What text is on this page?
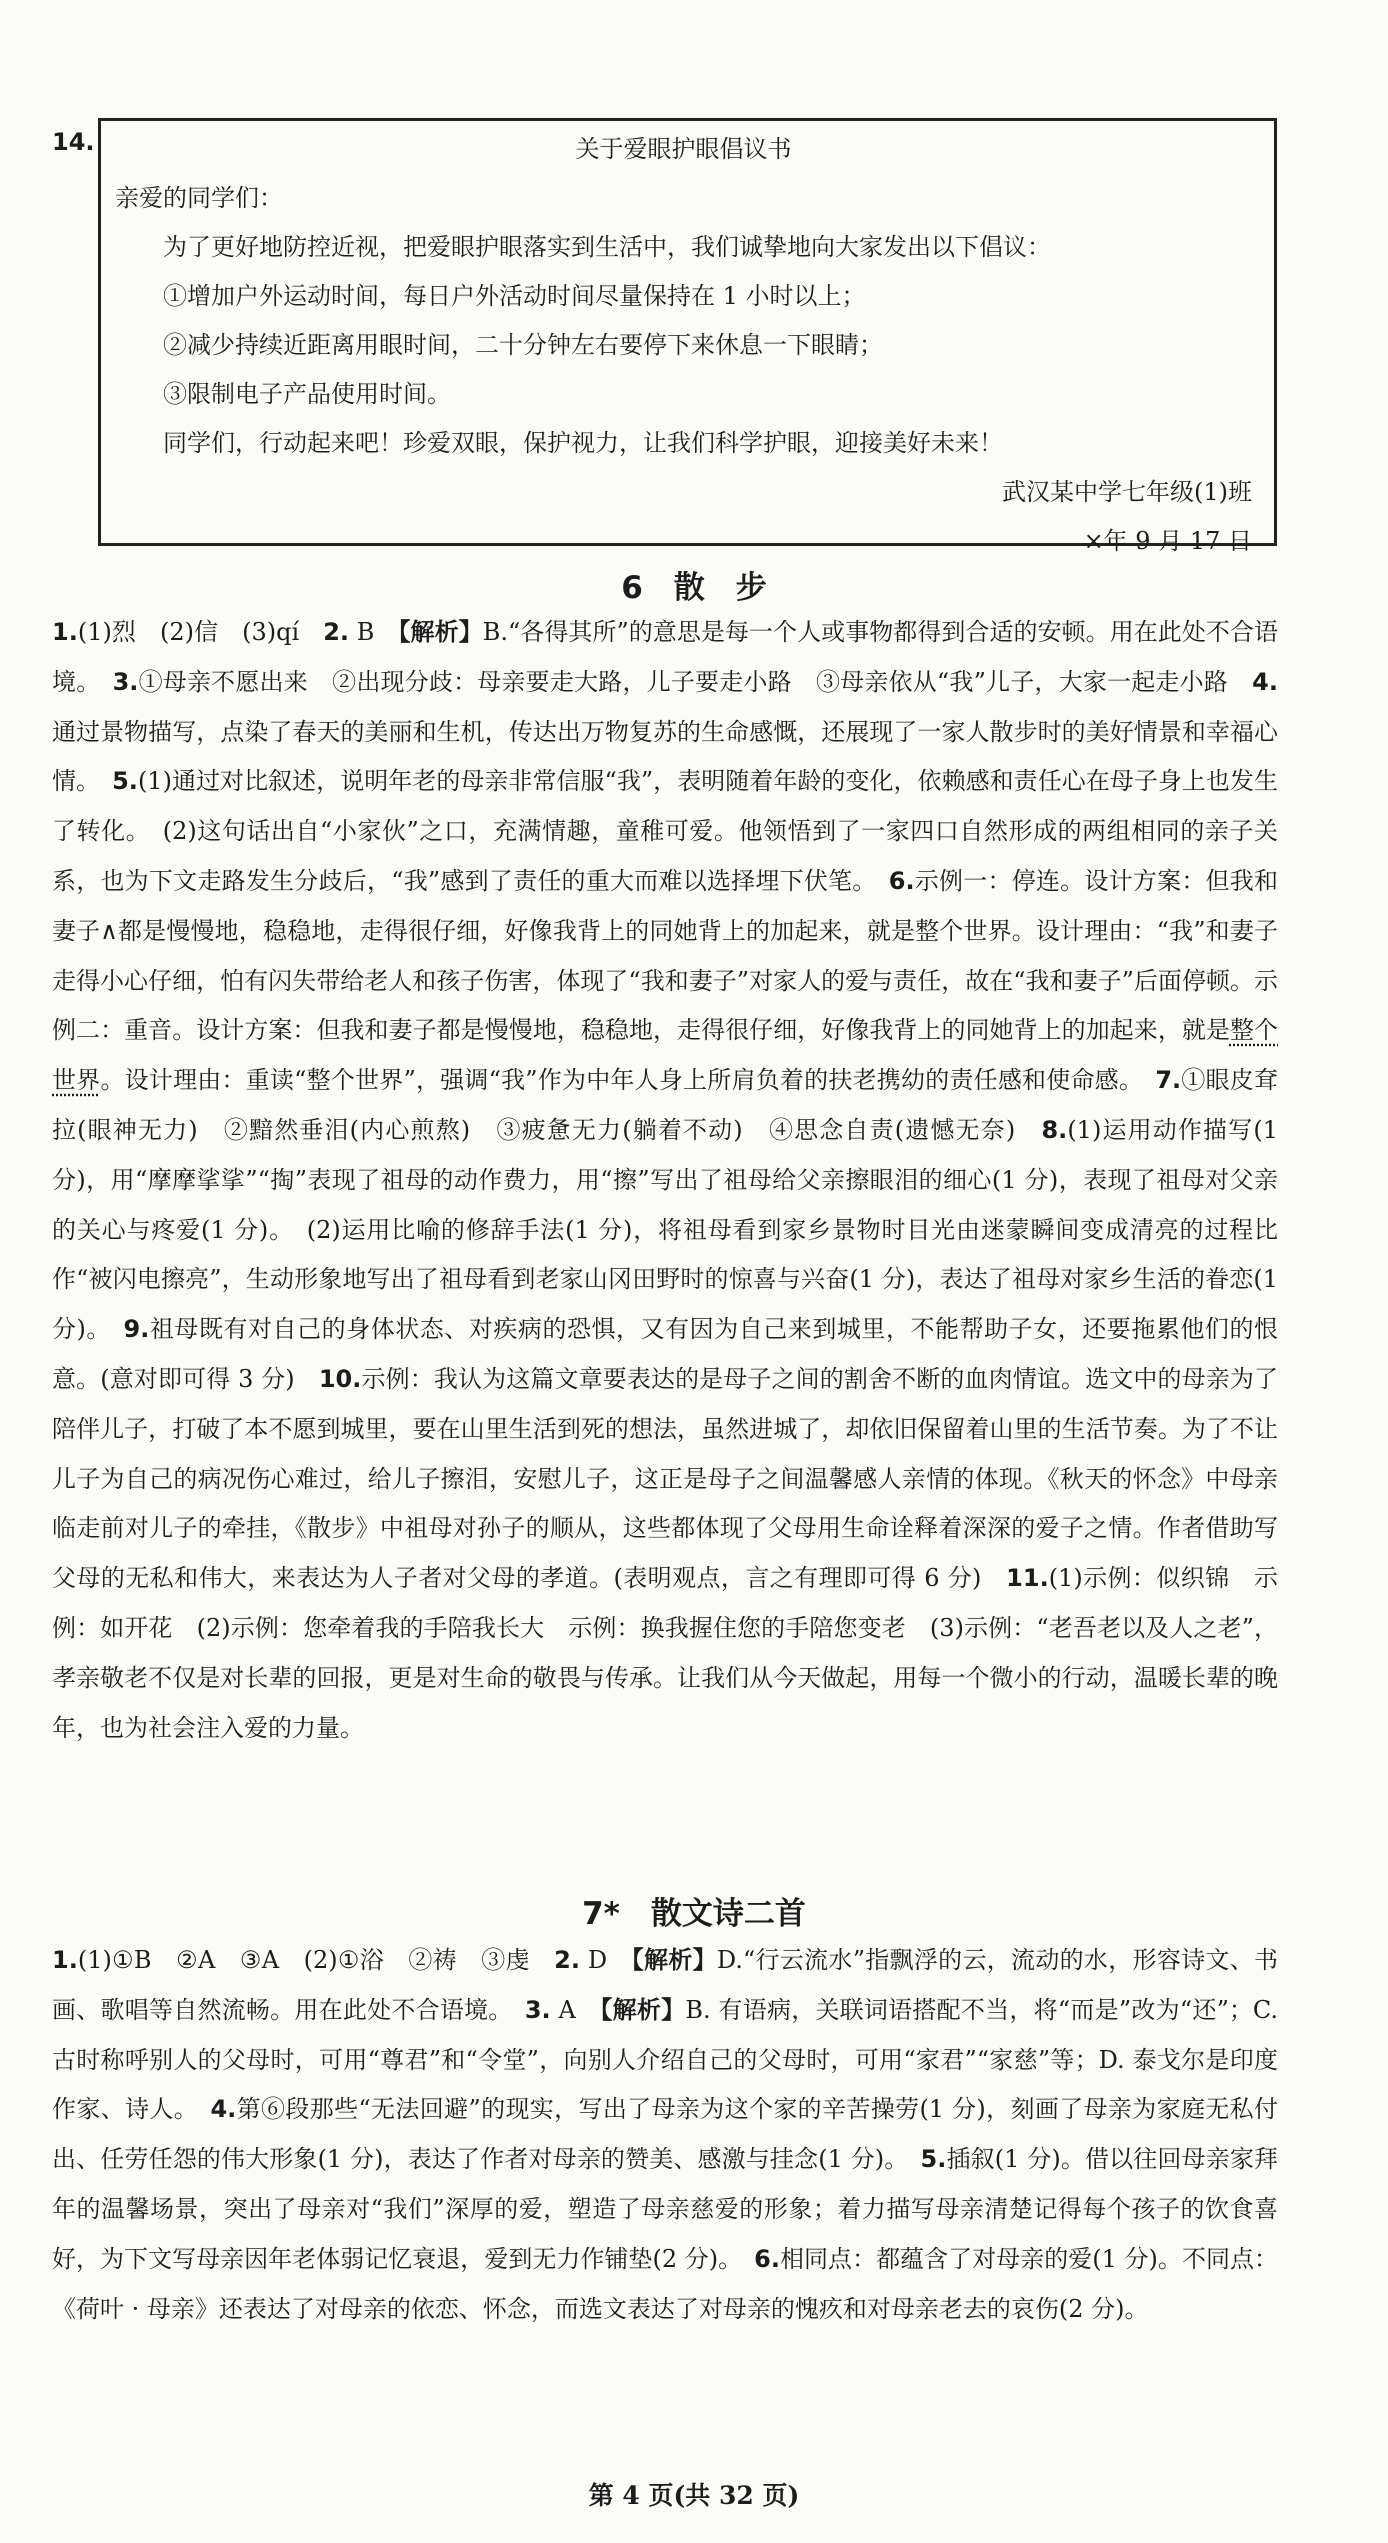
14.	关于爱眼护眼倡议书
亲爱的同学们：
为了更好地防控近视，把爱眼护眼落实到生活中，我们诚挚地向大家发出以下倡议：
①增加户外运动时间，每日户外活动时间尽量保持在 1 小时以上；
②减少持续近距离用眼时间，二十分钟左右要停下来休息一下眼睛；
③限制电子产品使用时间。
同学们，行动起来吧！珍爱双眼，保护视力，让我们科学护眼，迎接美好未来！
武汉某中学七年级(1)班
×年 9 月 17 日
6　散　步
1.(1)烈　(2)信　(3)qí　2. B　【解析】B.“各得其所”的意思是每一个人或事物都得到合适的安顿。用在此处不合语境。　3.①母亲不愿出来　②出现分歧：母亲要走大路，儿子要走小路　③母亲依从“我”儿子，大家一起走小路　4.通过景物描写，点染了春天的美丽和生机，传达出万物复苏的生命感慨，还展现了一家人散步时的美好情景和幸福心情。　5.(1)通过对比叙述，说明年老的母亲非常信服“我”，表明随着年龄的变化，依赖感和责任心在母子身上也发生了转化。　(2)这句话出自“小家伙”之口，充满情趣，童稚可爱。他领悟到了一家四口自然形成的两组相同的亲子关系，也为下文走路发生分歧后，“我”感到了责任的重大而难以选择埋下伏笔。　6.示例一：停连。设计方案：但我和妻子∧都是慢慢地，稳稳地，走得很仔细，好像我背上的同她背上的加起来，就是整个世界。设计理由：“我”和妻子走得小心仔细，怕有闪失带给老人和孩子伤害，体现了“我和妻子”对家人的爱与责任，故在“我和妻子”后面停顿。示例二：重音。设计方案：但我和妻子都是慢慢地，稳稳地，走得很仔细，好像我背上的同她背上的加起来，就是整个世界。设计理由：重读“整个世界”，强调“我”作为中年人身上所肩负着的扶老携幼的责任感和使命感。　7.①眼皮耷拉(眼神无力)　②黯然垂泪(内心煎熬)　③疲惫无力(躺着不动)　④思念自责(遗憾无奈)　8.(1)运用动作描写(1 分)，用“摩摩挲挲”“掏”表现了祖母的动作费力，用“擦”写出了祖母给父亲擦眼泪的细心(1 分)，表现了祖母对父亲的关心与疼爱(1 分)。　(2)运用比喻的修辞手法(1 分)，将祖母看到家乡景物时目光由迷蒙瞬间变成清亮的过程比作“被闪电擦亮”，生动形象地写出了祖母看到老家山冈田野时的惊喜与兴奋(1 分)，表达了祖母对家乡生活的眷恋(1 分)。　9.祖母既有对自己的身体状态、对疾病的恐惧，又有因为自己来到城里，不能帮助子女，还要拖累他们的恨意。(意对即可得 3 分)　10.示例：我认为这篇文章要表达的是母子之间的割舍不断的血肉情谊。选文中的母亲为了陪伴儿子，打破了本不愿到城里，要在山里生活到死的想法，虽然进城了，却依旧保留着山里的生活节奏。为了不让儿子为自己的病况伤心难过，给儿子擦泪，安慰儿子，这正是母子之间温馨感人亲情的体现。《秋天的怀念》中母亲临走前对儿子的牵挂，《散步》中祖母对孙子的顺从，这些都体现了父母用生命诠释着深深的爱子之情。作者借助写父母的无私和伟大，来表达为人子者对父母的孝道。(表明观点，言之有理即可得 6 分)　11.(1)示例：似织锦　示例：如开花　(2)示例：您牵着我的手陪我长大　示例：换我握住您的手陪您变老　(3)示例：“老吾老以及人之老”，孝亲敬老不仅是对长辈的回报，更是对生命的敬畏与传承。让我们从今天做起，用每一个微小的行动，温暖长辈的晚年，也为社会注入爱的力量。
7*　散文诗二首
1.(1)①B　②A　③A　(2)①浴　②祷　③虔　2. D　【解析】D.“行云流水”指飘浮的云，流动的水，形容诗文、书画、歌唱等自然流畅。用在此处不合语境。　3. A　【解析】B. 有语病，关联词语搭配不当，将“而是”改为“还”；C. 古时称呼别人的父母时，可用“尊君”和“令堂”，向别人介绍自己的父母时，可用“家君”“家慈”等；D. 泰戈尔是印度作家、诗人。　4.第⑥段那些“无法回避”的现实，写出了母亲为这个家的辛苦操劳(1 分)，刻画了母亲为家庭无私付出、任劳任怨的伟大形象(1 分)，表达了作者对母亲的赞美、感激与挂念(1 分)。　5.插叙(1 分)。借以往回母亲家拜年的温馨场景，突出了母亲对“我们”深厚的爱，塑造了母亲慈爱的形象；着力描写母亲清楚记得每个孩子的饮食喜好，为下文写母亲因年老体弱记忆衰退，爱到无力作铺垫(2 分)。　6.相同点：都蕴含了对母亲的爱(1 分)。不同点：《荷叶 · 母亲》还表达了对母亲的依恋、怀念，而选文表达了对母亲的愧疚和对母亲老去的哀伤(2 分)。
第 4 页(共 32 页)
